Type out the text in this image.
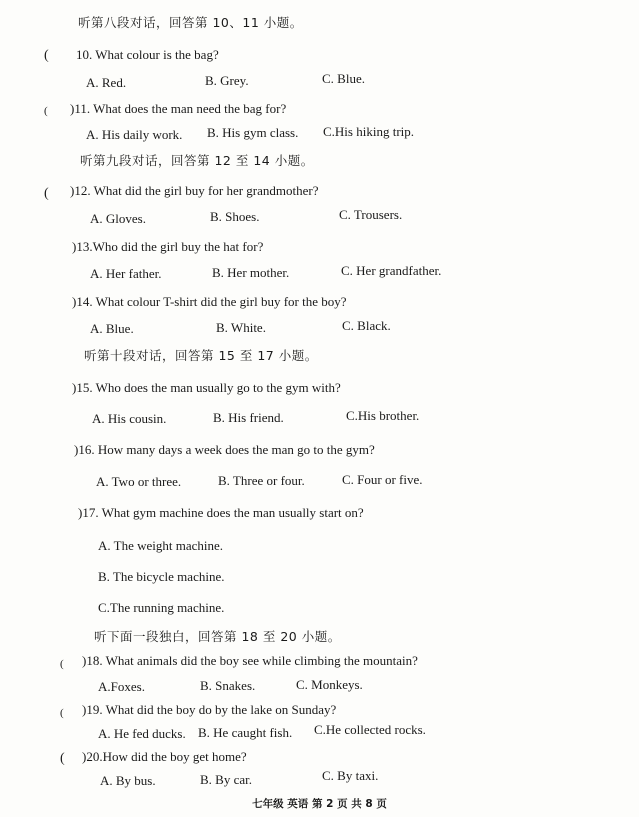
听第八段对话，回答第 10、11 小题。
( 10. What colour is the bag?
A. Red.	B. Grey.	C. Blue.
( )11. What does the man need the bag for?
A. His daily work. B. His gym class. C.His hiking trip.
听第九段对话，回答第 12 至 14 小题。
( )12. What did the girl buy for her grandmother?
A. Gloves.	B. Shoes.	C. Trousers.
)13.Who did the girl buy the hat for?
A. Her father.	B. Her mother.	C. Her grandfather.
)14. What colour T-shirt did the girl buy for the boy?
A. Blue.	B. White.	C. Black.
听第十段对话，回答第 15 至 17 小题。
)15. Who does the man usually go to the gym with?
A. His cousin.	B. His friend.	C.His brother.
)16. How many days a week does the man go to the gym?
A. Two or three.	B. Three or four.	C. Four or five.
)17. What gym machine does the man usually start on?
A. The weight machine.
B. The bicycle machine.
C.The running machine.
听下面一段独白，回答第 18 至 20 小题。
( )18. What animals did the boy see while climbing the mountain?
A.Foxes.	B. Snakes.	C. Monkeys.
( )19. What did the boy do by the lake on Sunday?
A. He fed ducks. B. He caught fish. C.He collected rocks.
( )20.How did the boy get home?
A. By bus.	B. By car.	C. By taxi.
七年级 英语 第 2 页 共 8 页
